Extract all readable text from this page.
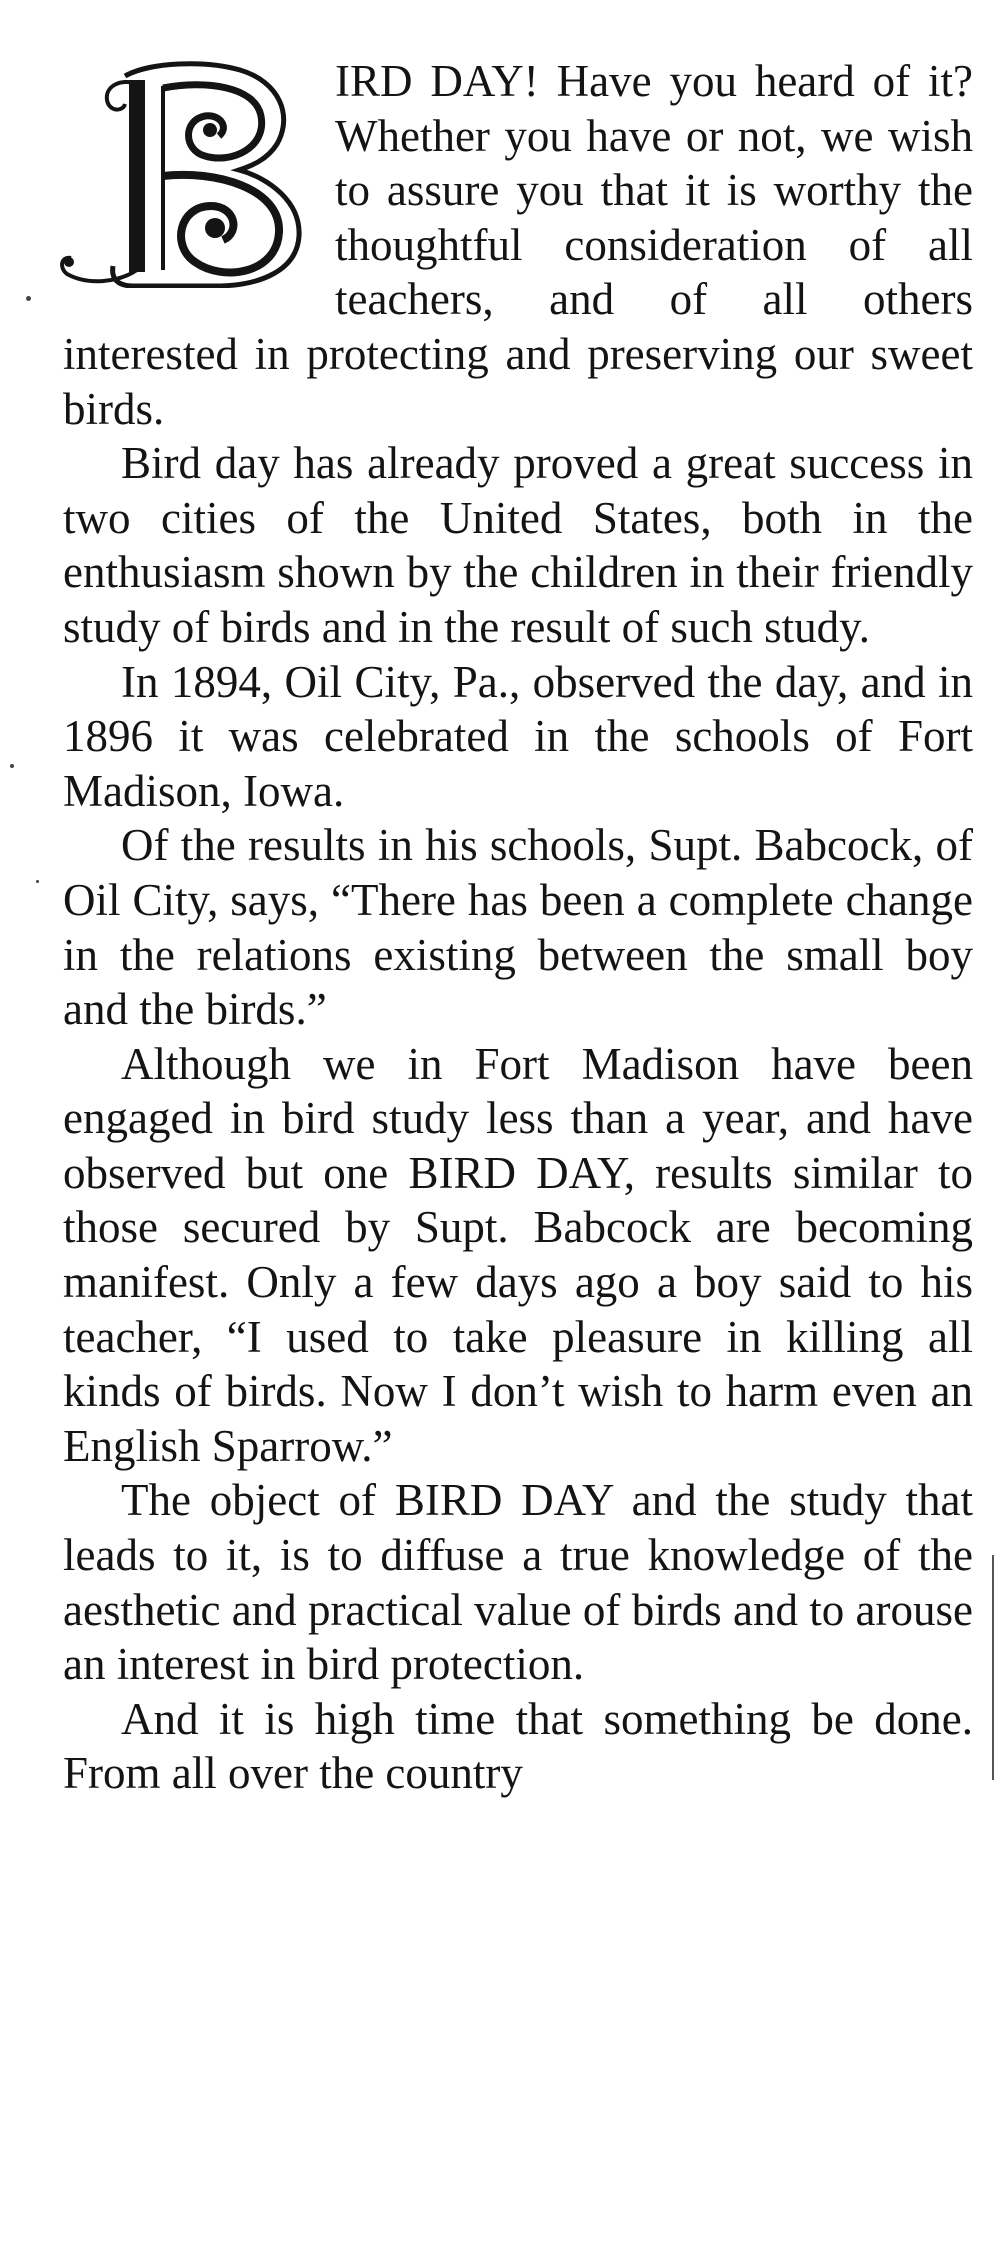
IRD DAY! Have you heard of it? Whether you have or not, we wish to assure you that it is worthy the thoughtful consideration of all teachers, and of all others interested in protecting and preserving our sweet birds.

Bird day has already proved a great success in two cities of the United States, both in the enthusiasm shown by the children in their friendly study of birds and in the result of such study.

In 1894, Oil City, Pa., observed the day, and in 1896 it was celebrated in the schools of Fort Madison, Iowa.

Of the results in his schools, Supt. Babcock, of Oil City, says, “There has been a complete change in the relations existing between the small boy and the birds.”

Although we in Fort Madison have been engaged in bird study less than a year, and have observed but one BIRD DAY, results similar to those secured by Supt. Babcock are becoming manifest. Only a few days ago a boy said to his teacher, “I used to take pleasure in killing all kinds of birds. Now I don’t wish to harm even an English Sparrow.”

The object of BIRD DAY and the study that leads to it, is to diffuse a true knowledge of the aesthetic and practical value of birds and to arouse an interest in bird protection.

And it is high time that something be done. From all over the country
